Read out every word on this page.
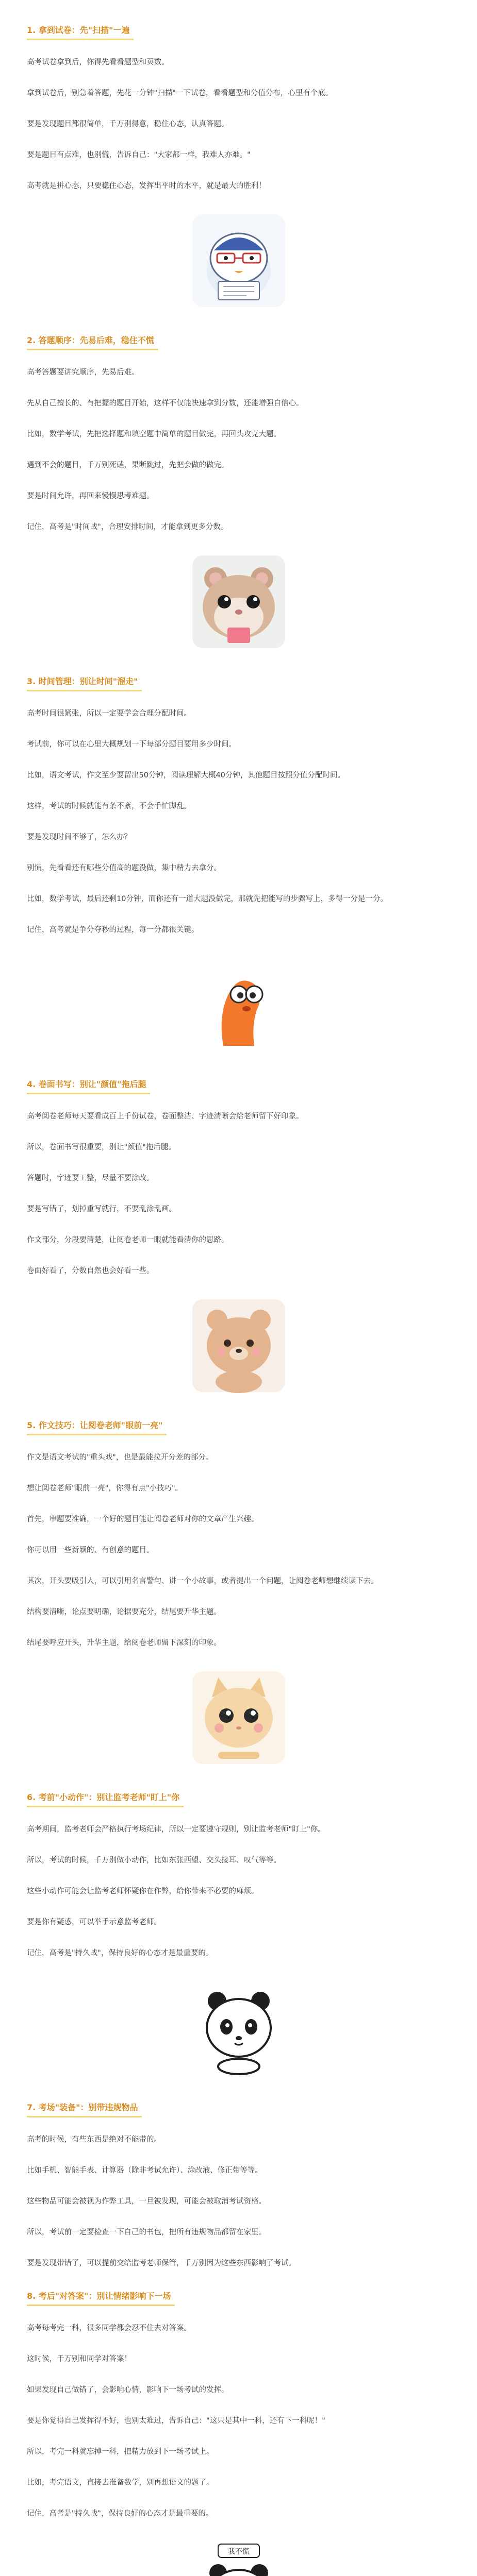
1. 拿到试卷：先"扫描"一遍

高考试卷拿到后，你得先看看题型和页数。

拿到试卷后，别急着答题，先花一分钟"扫描"一下试卷，看看题型和分值分布，心里有个底。

要是发现题目都很简单，千万别得意，稳住心态，认真答题。

要是题目有点难，也别慌，告诉自己："大家都一样，我难人亦难。"

高考就是拼心态，只要稳住心态，发挥出平时的水平，就是最大的胜利！

2. 答题顺序：先易后难，稳住不慌

高考答题要讲究顺序，先易后难。

先从自己擅长的、有把握的题目开始，这样不仅能快速拿到分数，还能增强自信心。

比如，数学考试，先把选择题和填空题中简单的题目做完，再回头攻克大题。

遇到不会的题目，千万别死磕，果断跳过，先把会做的做完。

要是时间允许，再回来慢慢思考难题。

记住，高考是"时间战"，合理安排时间，才能拿到更多分数。

3. 时间管理：别让时间"溜走"

高考时间很紧张，所以一定要学会合理分配时间。

考试前，你可以在心里大概规划一下每部分题目要用多少时间。

比如，语文考试，作文至少要留出50分钟，阅读理解大概40分钟，其他题目按照分值分配时间。

这样，考试的时候就能有条不紊，不会手忙脚乱。

要是发现时间不够了，怎么办？

别慌，先看看还有哪些分值高的题没做，集中精力去拿分。

比如，数学考试，最后还剩10分钟，而你还有一道大题没做完，那就先把能写的步骤写上，多得一分是一分。

记住，高考就是争分夺秒的过程，每一分都很关键。

4. 卷面书写：别让"颜值"拖后腿

高考阅卷老师每天要看成百上千份试卷，卷面整洁、字迹清晰会给老师留下好印象。

所以，卷面书写很重要，别让"颜值"拖后腿。

答题时，字迹要工整，尽量不要涂改。

要是写错了，划掉重写就行，不要乱涂乱画。

作文部分，分段要清楚，让阅卷老师一眼就能看清你的思路。

卷面好看了，分数自然也会好看一些。

5. 作文技巧：让阅卷老师"眼前一亮"

作文是语文考试的"重头戏"，也是最能拉开分差的部分。

想让阅卷老师"眼前一亮"，你得有点"小技巧"。

首先，审题要准确，一个好的题目能让阅卷老师对你的文章产生兴趣。

你可以用一些新颖的、有创意的题目。

其次，开头要吸引人，可以引用名言警句、讲一个小故事，或者提出一个问题，让阅卷老师想继续读下去。

结构要清晰，论点要明确，论据要充分，结尾要升华主题。

结尾要呼应开头，升华主题，给阅卷老师留下深刻的印象。

6. 考前"小动作"：别让监考老师"盯上"你

高考期间，监考老师会严格执行考场纪律，所以一定要遵守规则，别让监考老师"盯上"你。

所以，考试的时候，千万别做小动作，比如东张西望、交头接耳、叹气等等。

这些小动作可能会让监考老师怀疑你在作弊，给你带来不必要的麻烦。

要是你有疑惑，可以举手示意监考老师。

记住，高考是"持久战"，保持良好的心态才是最重要的。

7. 考场"装备"：别带违规物品

高考的时候，有些东西是绝对不能带的。

比如手机、智能手表、计算器（除非考试允许）、涂改液、修正带等等。

这些物品可能会被视为作弊工具，一旦被发现，可能会被取消考试资格。

所以，考试前一定要检查一下自己的书包，把所有违规物品都留在家里。

要是发现带错了，可以提前交给监考老师保管，千万别因为这些东西影响了考试。

8. 考后"对答案"：别让情绪影响下一场

高考每考完一科，很多同学都会忍不住去对答案。

这时候，千万别和同学对答案！

如果发现自己做错了，会影响心情，影响下一场考试的发挥。

要是你觉得自己发挥得不好，也别太难过，告诉自己："这只是其中一科，还有下一科呢！"

所以，考完一科就忘掉一科，把精力放到下一场考试上。

比如，考完语文，直接去准备数学，别再想语文的题了。

记住，高考是"持久战"，保持良好的心态才是最重要的。

我不慌
